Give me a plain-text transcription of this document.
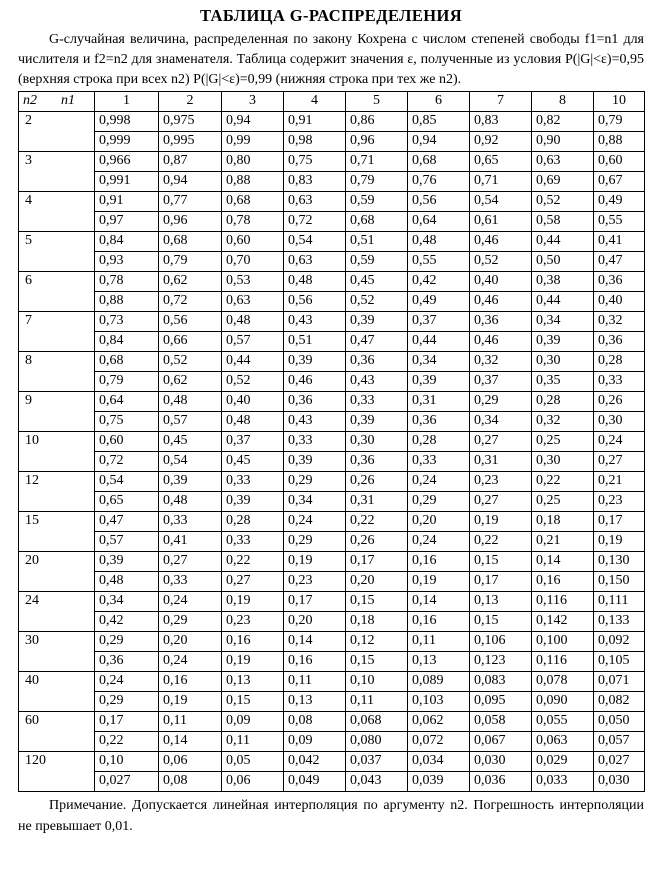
ТАБЛИЦА G-РАСПРЕДЕЛЕНИЯ

G-случайная величина, распределенная по закону Кохрена с числом степеней свободы f1=n1 для числителя и f2=n2 для знаменателя. Таблица содержит значения ε, полученные из условия P(|G|<ε)=0,95 (верхняя строка при всех n2) P(|G|<ε)=0,99 (нижняя строка при тех же n2).

n2 n1	1	2	3	4	5	6	7	8	10
2	0,998	0,975	0,94	0,91	0,86	0,85	0,83	0,82	0,79
	0,999	0,995	0,99	0,98	0,96	0,94	0,92	0,90	0,88
3	0,966	0,87	0,80	0,75	0,71	0,68	0,65	0,63	0,60
	0,991	0,94	0,88	0,83	0,79	0,76	0,71	0,69	0,67
4	0,91	0,77	0,68	0,63	0,59	0,56	0,54	0,52	0,49
	0,97	0,96	0,78	0,72	0,68	0,64	0,61	0,58	0,55
5	0,84	0,68	0,60	0,54	0,51	0,48	0,46	0,44	0,41
	0,93	0,79	0,70	0,63	0,59	0,55	0,52	0,50	0,47
6	0,78	0,62	0,53	0,48	0,45	0,42	0,40	0,38	0,36
	0,88	0,72	0,63	0,56	0,52	0,49	0,46	0,44	0,40
7	0,73	0,56	0,48	0,43	0,39	0,37	0,36	0,34	0,32
	0,84	0,66	0,57	0,51	0,47	0,44	0,46	0,39	0,36
8	0,68	0,52	0,44	0,39	0,36	0,34	0,32	0,30	0,28
	0,79	0,62	0,52	0,46	0,43	0,39	0,37	0,35	0,33
9	0,64	0,48	0,40	0,36	0,33	0,31	0,29	0,28	0,26
	0,75	0,57	0,48	0,43	0,39	0,36	0,34	0,32	0,30
10	0,60	0,45	0,37	0,33	0,30	0,28	0,27	0,25	0,24
	0,72	0,54	0,45	0,39	0,36	0,33	0,31	0,30	0,27
12	0,54	0,39	0,33	0,29	0,26	0,24	0,23	0,22	0,21
	0,65	0,48	0,39	0,34	0,31	0,29	0,27	0,25	0,23
15	0,47	0,33	0,28	0,24	0,22	0,20	0,19	0,18	0,17
	0,57	0,41	0,33	0,29	0,26	0,24	0,22	0,21	0,19
20	0,39	0,27	0,22	0,19	0,17	0,16	0,15	0,14	0,130
	0,48	0,33	0,27	0,23	0,20	0,19	0,17	0,16	0,150
24	0,34	0,24	0,19	0,17	0,15	0,14	0,13	0,116	0,111
	0,42	0,29	0,23	0,20	0,18	0,16	0,15	0,142	0,133
30	0,29	0,20	0,16	0,14	0,12	0,11	0,106	0,100	0,092
	0,36	0,24	0,19	0,16	0,15	0,13	0,123	0,116	0,105
40	0,24	0,16	0,13	0,11	0,10	0,089	0,083	0,078	0,071
	0,29	0,19	0,15	0,13	0,11	0,103	0,095	0,090	0,082
60	0,17	0,11	0,09	0,08	0,068	0,062	0,058	0,055	0,050
	0,22	0,14	0,11	0,09	0,080	0,072	0,067	0,063	0,057
120	0,10	0,06	0,05	0,042	0,037	0,034	0,030	0,029	0,027
	0,027	0,08	0,06	0,049	0,043	0,039	0,036	0,033	0,030

Примечание. Допускается линейная интерполяция по аргументу n2. Погрешность интерполяции не превышает 0,01.
